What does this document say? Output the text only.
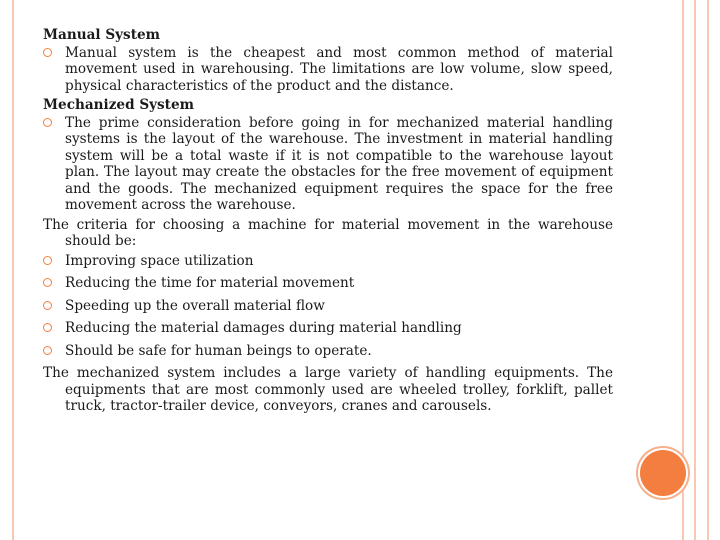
Manual System
Manual system is the cheapest and most common method of material movement used in warehousing. The limitations are low volume, slow speed, physical characteristics of the product and the distance.
Mechanized System
The prime consideration before going in for mechanized material handling systems is the layout of the warehouse. The investment in material handling system will be a total waste if it is not compatible to the warehouse layout plan. The layout may create the obstacles for the free movement of equipment and the goods. The mechanized equipment requires the space for the free movement across the warehouse.
The criteria for choosing a machine for material movement in the warehouse should be:
Improving space utilization
Reducing the time for material movement
Speeding up the overall material flow
Reducing the material damages during material handling
Should be safe for human beings to operate.
The mechanized system includes a large variety of handling equipments. The equipments that are most commonly used are wheeled trolley, forklift, pallet truck, tractor-trailer device, conveyors, cranes and carousels.
